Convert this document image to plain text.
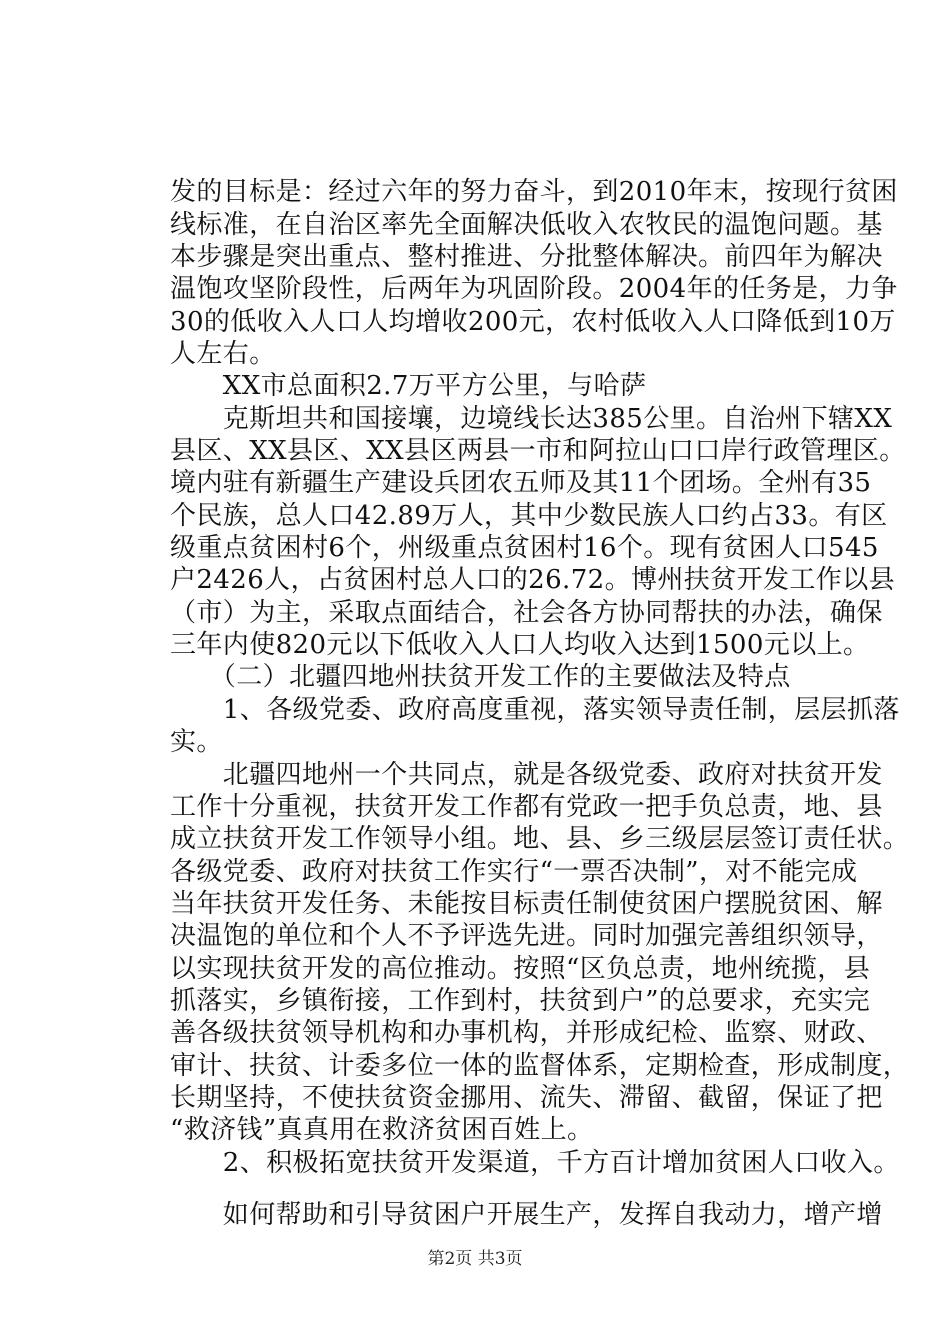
发的目标是：经过六年的努力奋斗，到2010年末，按现行贫困
线标准，在自治区率先全面解决低收入农牧民的温饱问题。基
本步骤是突出重点、整村推进、分批整体解决。前四年为解决
温饱攻坚阶段性，后两年为巩固阶段。2004年的任务是，力争
30的低收入人口人均增收200元，农村低收入人口降低到10万
人左右。
　　XX市总面积2.7万平方公里，与哈萨
　　克斯坦共和国接壤，边境线长达385公里。自治州下辖XX
县区、XX县区、XX县区两县一市和阿拉山口口岸行政管理区。
境内驻有新疆生产建设兵团农五师及其11个团场。全州有35
个民族，总人口42.89万人，其中少数民族人口约占33。有区
级重点贫困村6个，州级重点贫困村16个。现有贫困人口545
户2426人，占贫困村总人口的26.72。博州扶贫开发工作以县
（市）为主，采取点面结合，社会各方协同帮扶的办法，确保
三年内使820元以下低收入人口人均收入达到1500元以上。
　　（二）北疆四地州扶贫开发工作的主要做法及特点
　　1、各级党委、政府高度重视，落实领导责任制，层层抓落
实。
　　北疆四地州一个共同点，就是各级党委、政府对扶贫开发
工作十分重视，扶贫开发工作都有党政一把手负总责，地、县
成立扶贫开发工作领导小组。地、县、乡三级层层签订责任状。
各级党委、政府对扶贫工作实行“一票否决制”，对不能完成
当年扶贫开发任务、未能按目标责任制使贫困户摆脱贫困、解
决温饱的单位和个人不予评选先进。同时加强完善组织领导，
以实现扶贫开发的高位推动。按照“区负总责，地州统揽，县
抓落实，乡镇衔接，工作到村，扶贫到户”的总要求，充实完
善各级扶贫领导机构和办事机构，并形成纪检、监察、财政、
审计、扶贫、计委多位一体的监督体系，定期检查，形成制度，
长期坚持，不使扶贫资金挪用、流失、滞留、截留，保证了把
“救济钱”真真用在救济贫困百姓上。
　　2、积极拓宽扶贫开发渠道，千方百计增加贫困人口收入。
　　如何帮助和引导贫困户开展生产，发挥自我动力，增产增
第2页 共3页
